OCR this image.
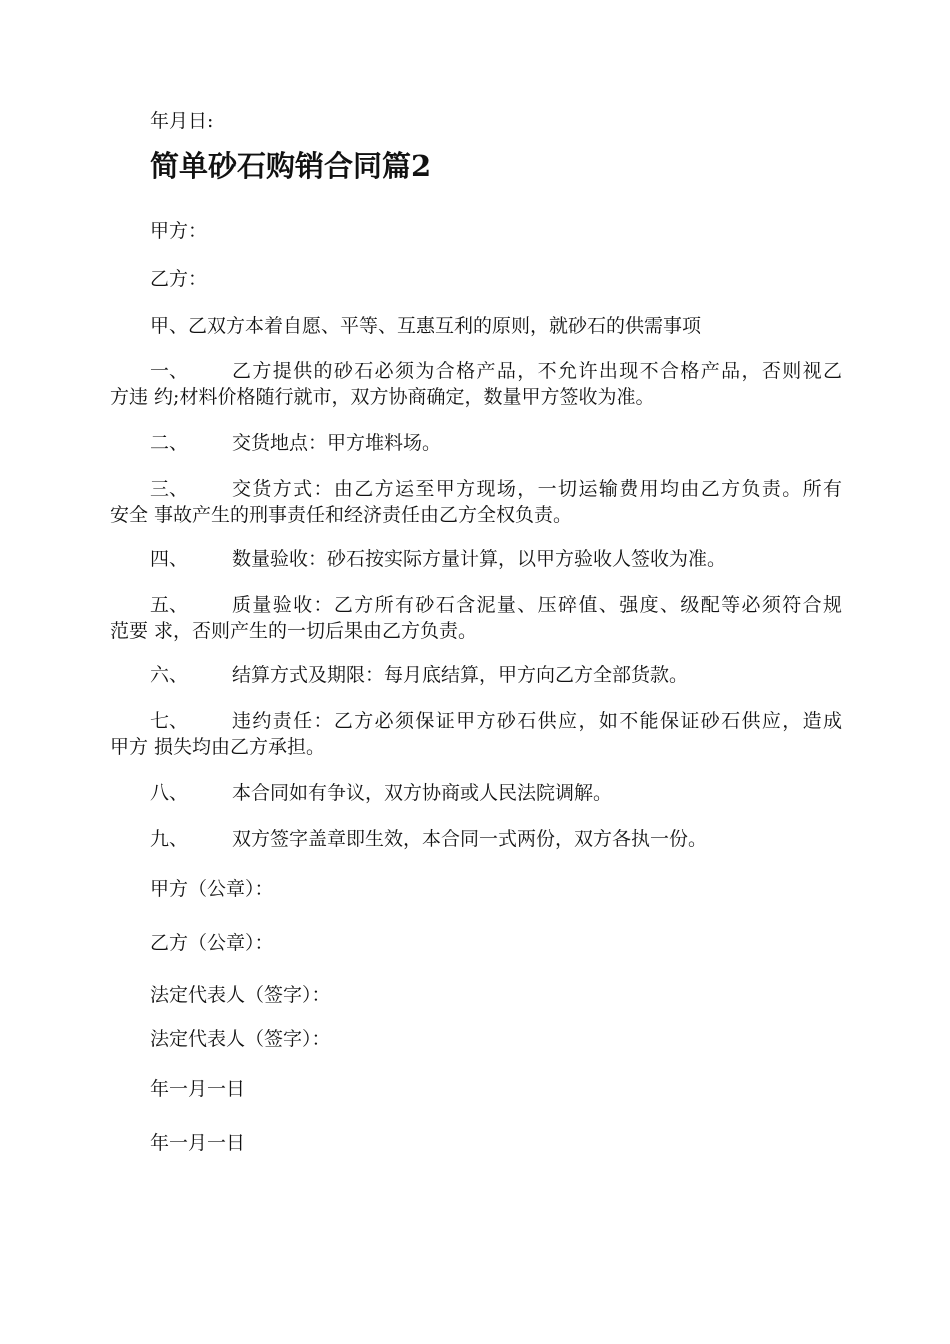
年月日:
简单砂石购销合同篇2
甲方：
乙方：
甲、乙双方本着自愿、平等、互惠互利的原则，就砂石的供需事项
一、 乙方提供的砂石必须为合格产品，不允许出现不合格产品，否则视乙
方违 约;材料价格随行就市，双方协商确定，数量甲方签收为准。
二、 交货地点：甲方堆料场。
三、 交货方式：由乙方运至甲方现场，一切运输费用均由乙方负责。所有
安全 事故产生的刑事责任和经济责任由乙方全权负责。
四、 数量验收：砂石按实际方量计算，以甲方验收人签收为准。
五、 质量验收：乙方所有砂石含泥量、压碎值、强度、级配等必须符合规
范要 求，否则产生的一切后果由乙方负责。
六、 结算方式及期限：每月底结算，甲方向乙方全部货款。
七、 违约责任：乙方必须保证甲方砂石供应，如不能保证砂石供应，造成
甲方 损失均由乙方承担。
八、 本合同如有争议，双方协商或人民法院调解。
九、 双方签字盖章即生效，本合同一式两份，双方各执一份。
甲方（公章）：
乙方（公章）：
法定代表人（签字）：
法定代表人（签字）：
年一月一日
年一月一日
